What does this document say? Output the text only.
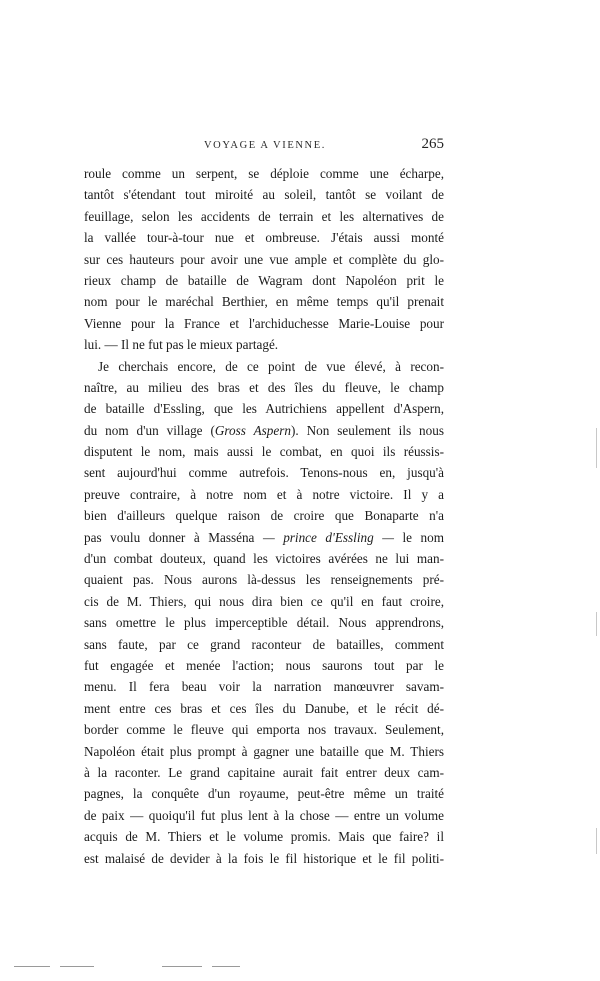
VOYAGE A VIENNE.	265
roule comme un serpent, se déploie comme une écharpe,
tantôt s'étendant tout miroité au soleil, tantôt se voilant de
feuillage, selon les accidents de terrain et les alternatives de
la vallée tour-à-tour nue et ombreuse. J'étais aussi monté
sur ces hauteurs pour avoir une vue ample et complète du glo-
rieux champ de bataille de Wagram dont Napoléon prit le
nom pour le maréchal Berthier, en même temps qu'il prenait
Vienne pour la France et l'archiduchesse Marie-Louise pour
lui. — Il ne fut pas le mieux partagé.
Je cherchais encore, de ce point de vue élevé, à recon-
naître, au milieu des bras et des îles du fleuve, le champ
de bataille d'Essling, que les Autrichiens appellent d'Aspern,
du nom d'un village (Gross Aspern). Non seulement ils nous
disputent le nom, mais aussi le combat, en quoi ils réussis-
sent aujourd'hui comme autrefois. Tenons-nous en, jusqu'à
preuve contraire, à notre nom et à notre victoire. Il y a
bien d'ailleurs quelque raison de croire que Bonaparte n'a
pas voulu donner à Masséna — prince d'Essling — le nom
d'un combat douteux, quand les victoires avérées ne lui man-
quaient pas. Nous aurons là-dessus les renseignements pré-
cis de M. Thiers, qui nous dira bien ce qu'il en faut croire,
sans omettre le plus imperceptible détail. Nous apprendrons,
sans faute, par ce grand raconteur de batailles, comment
fut engagée et menée l'action; nous saurons tout par le
menu. Il fera beau voir la narration manœuvrer savam-
ment entre ces bras et ces îles du Danube, et le récit dé-
border comme le fleuve qui emporta nos travaux. Seulement,
Napoléon était plus prompt à gagner une bataille que M. Thiers
à la raconter. Le grand capitaine aurait fait entrer deux cam-
pagnes, la conquête d'un royaume, peut-être même un traité
de paix — quoiqu'il fut plus lent à la chose — entre un volume
acquis de M. Thiers et le volume promis. Mais que faire? il
est malaisé de devider à la fois le fil historique et le fil politi-
